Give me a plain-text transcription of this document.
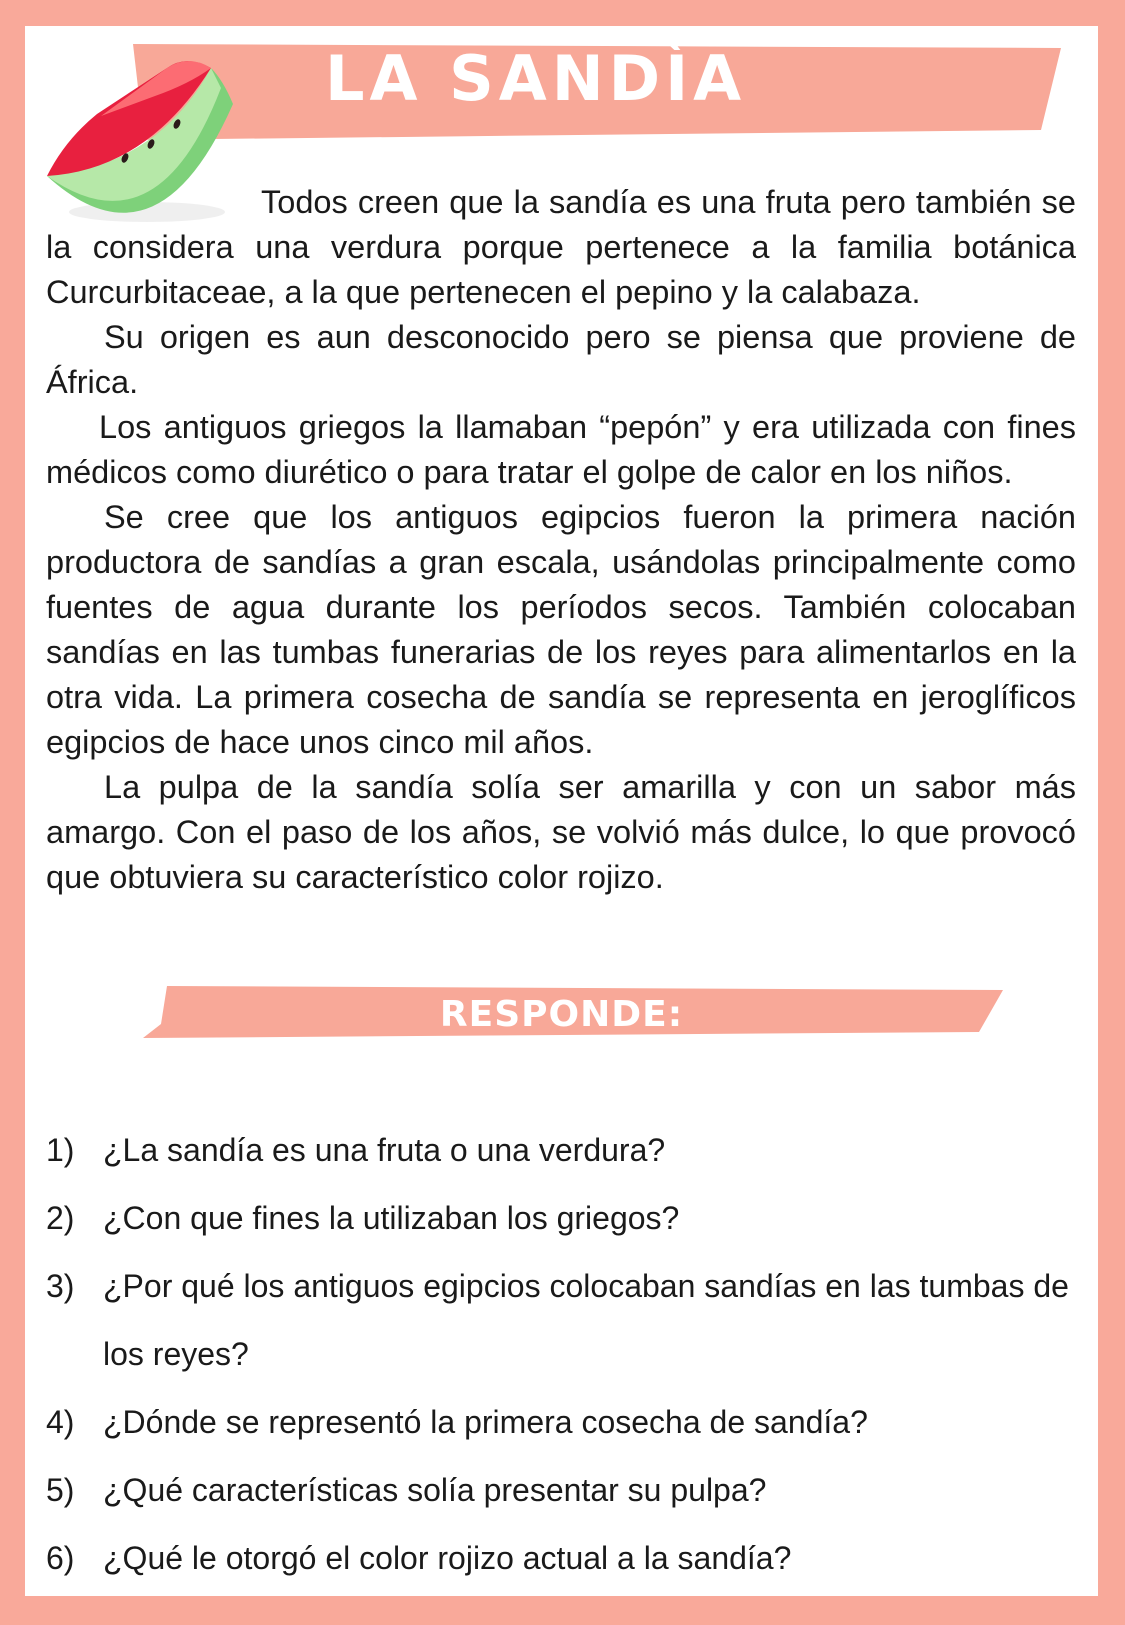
LA SANDÌA

Todos creen que la sandía es una fruta pero también se la considera una verdura porque pertenece a la familia botánica Curcurbitaceae, a la que pertenecen el pepino y la calabaza.

Su origen es aun desconocido pero se piensa que proviene de África.

Los antiguos griegos la llamaban “pepón” y era utilizada con fines médicos como diurético o para tratar el golpe de calor en los niños.

Se cree que los antiguos egipcios fueron la primera nación productora de sandías a gran escala, usándolas principalmente como fuentes de agua durante los períodos secos. También colocaban sandías en las tumbas funerarias de los reyes para alimentarlos en la otra vida. La primera cosecha de sandía se representa en jeroglíficos egipcios de hace unos cinco mil años.

La pulpa de la sandía solía ser amarilla y con un sabor más amargo. Con el paso de los años, se volvió más dulce, lo que provocó que obtuviera su característico color rojizo.

RESPONDE:
1) ¿La sandía es una fruta o una verdura?
2) ¿Con que fines la utilizaban los griegos?
3) ¿Por qué los antiguos egipcios colocaban sandías en las tumbas de los reyes?
4) ¿Dónde se representó la primera cosecha de sandía?
5) ¿Qué características solía presentar su pulpa?
6) ¿Qué le otorgó el color rojizo actual a la sandía?
